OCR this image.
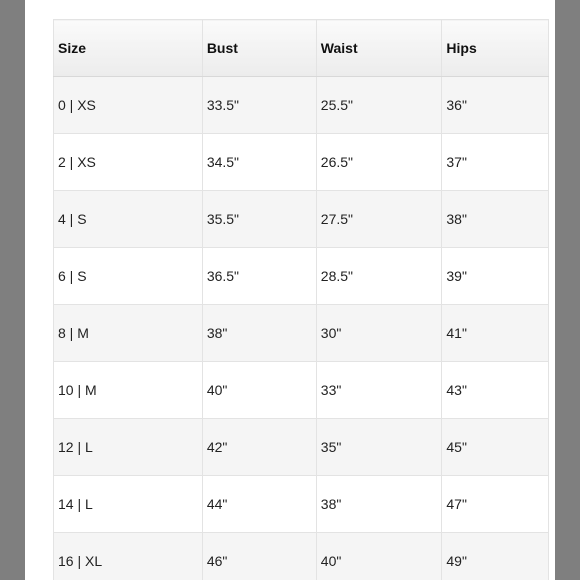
Size	Bust	Waist	Hips
0 | XS	33.5"	25.5"	36"
2 | XS	34.5"	26.5"	37"
4 | S	35.5"	27.5"	38"
6 | S	36.5"	28.5"	39"
8 | M	38"	30"	41"
10 | M	40"	33"	43"
12 | L	42"	35"	45"
14 | L	44"	38"	47"
16 | XL	46"	40"	49"
